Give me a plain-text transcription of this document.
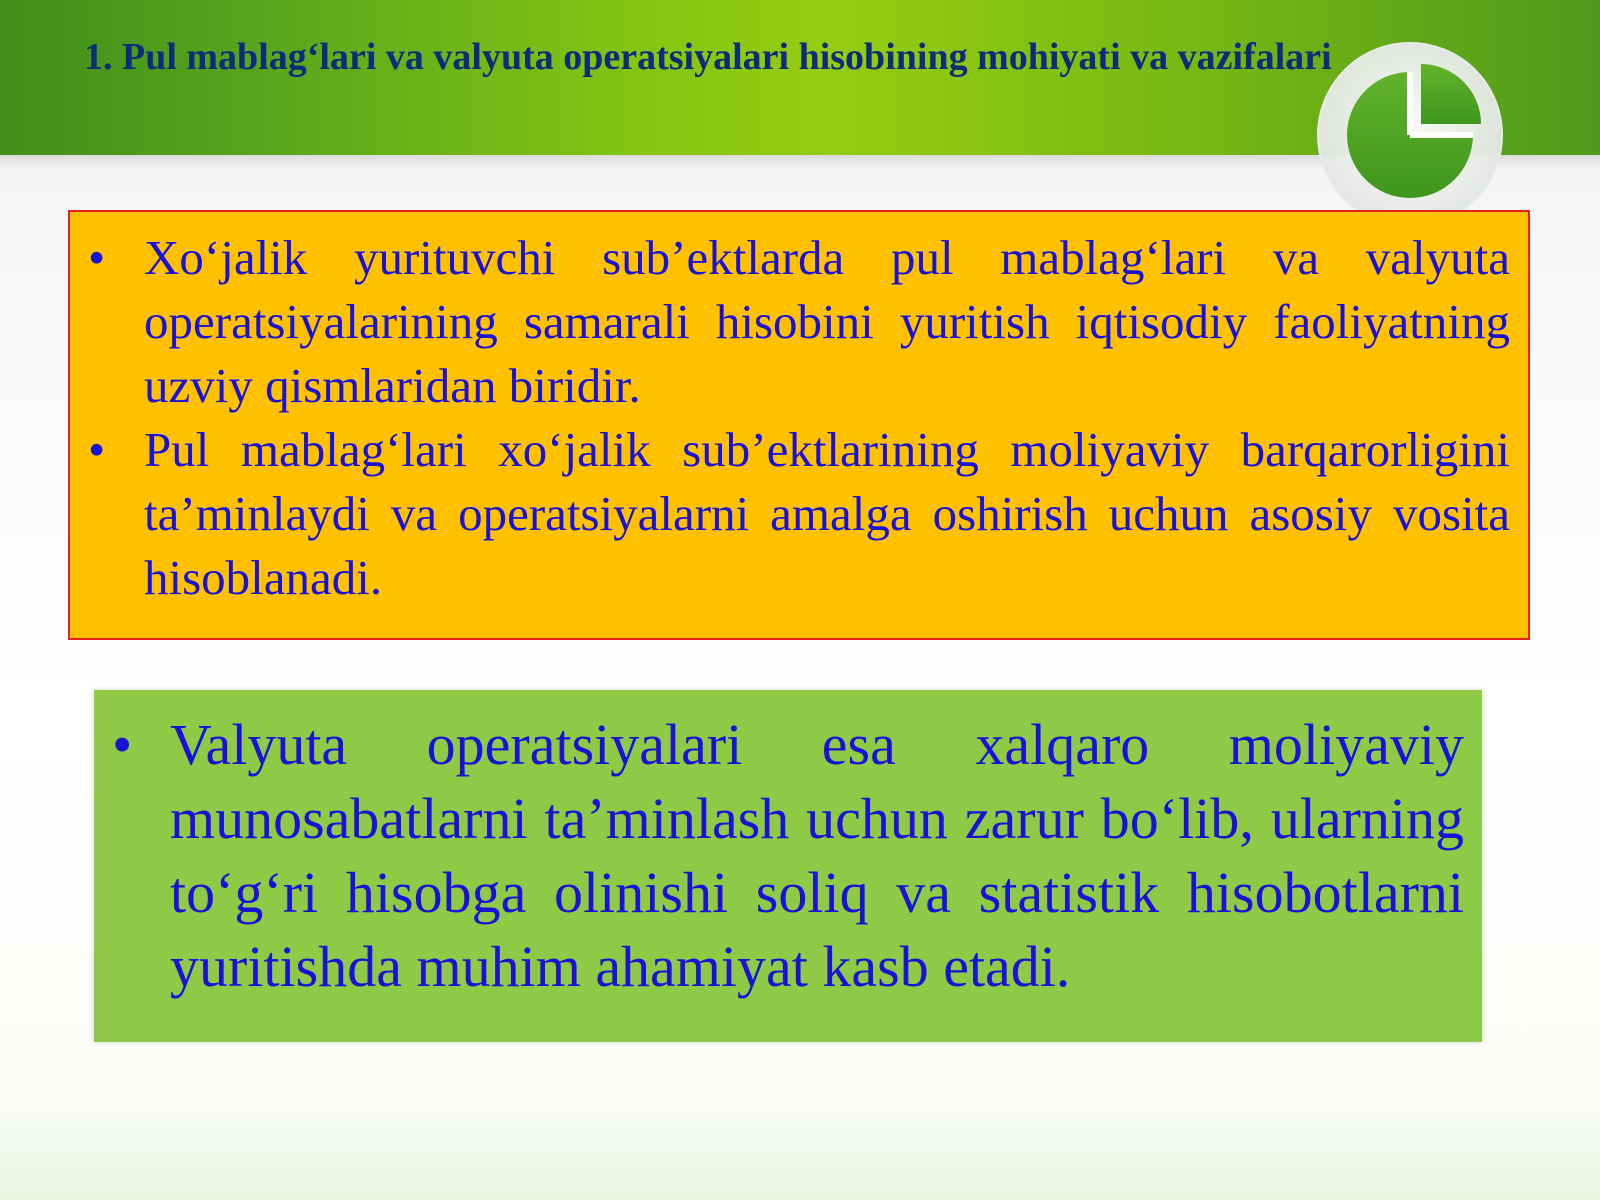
1. Pul mablag‘lari va valyuta operatsiyalari hisobining mohiyati va vazifalari
• Xo‘jalik yurituvchi sub’ektlarda pul mablag‘lari va valyuta operatsiyalarining samarali hisobini yuritish iqtisodiy faoliyatning uzviy qismlaridan biridir.
• Pul mablag‘lari xo‘jalik sub’ektlarining moliyaviy barqarorligini ta’minlaydi va operatsiyalarni amalga oshirish uchun asosiy vosita hisoblanadi.
• Valyuta operatsiyalari esa xalqaro moliyaviy munosabatlarni ta’minlash uchun zarur bo‘lib, ularning to‘g‘ri hisobga olinishi soliq va statistik hisobotlarni yuritishda muhim ahamiyat kasb etadi.
